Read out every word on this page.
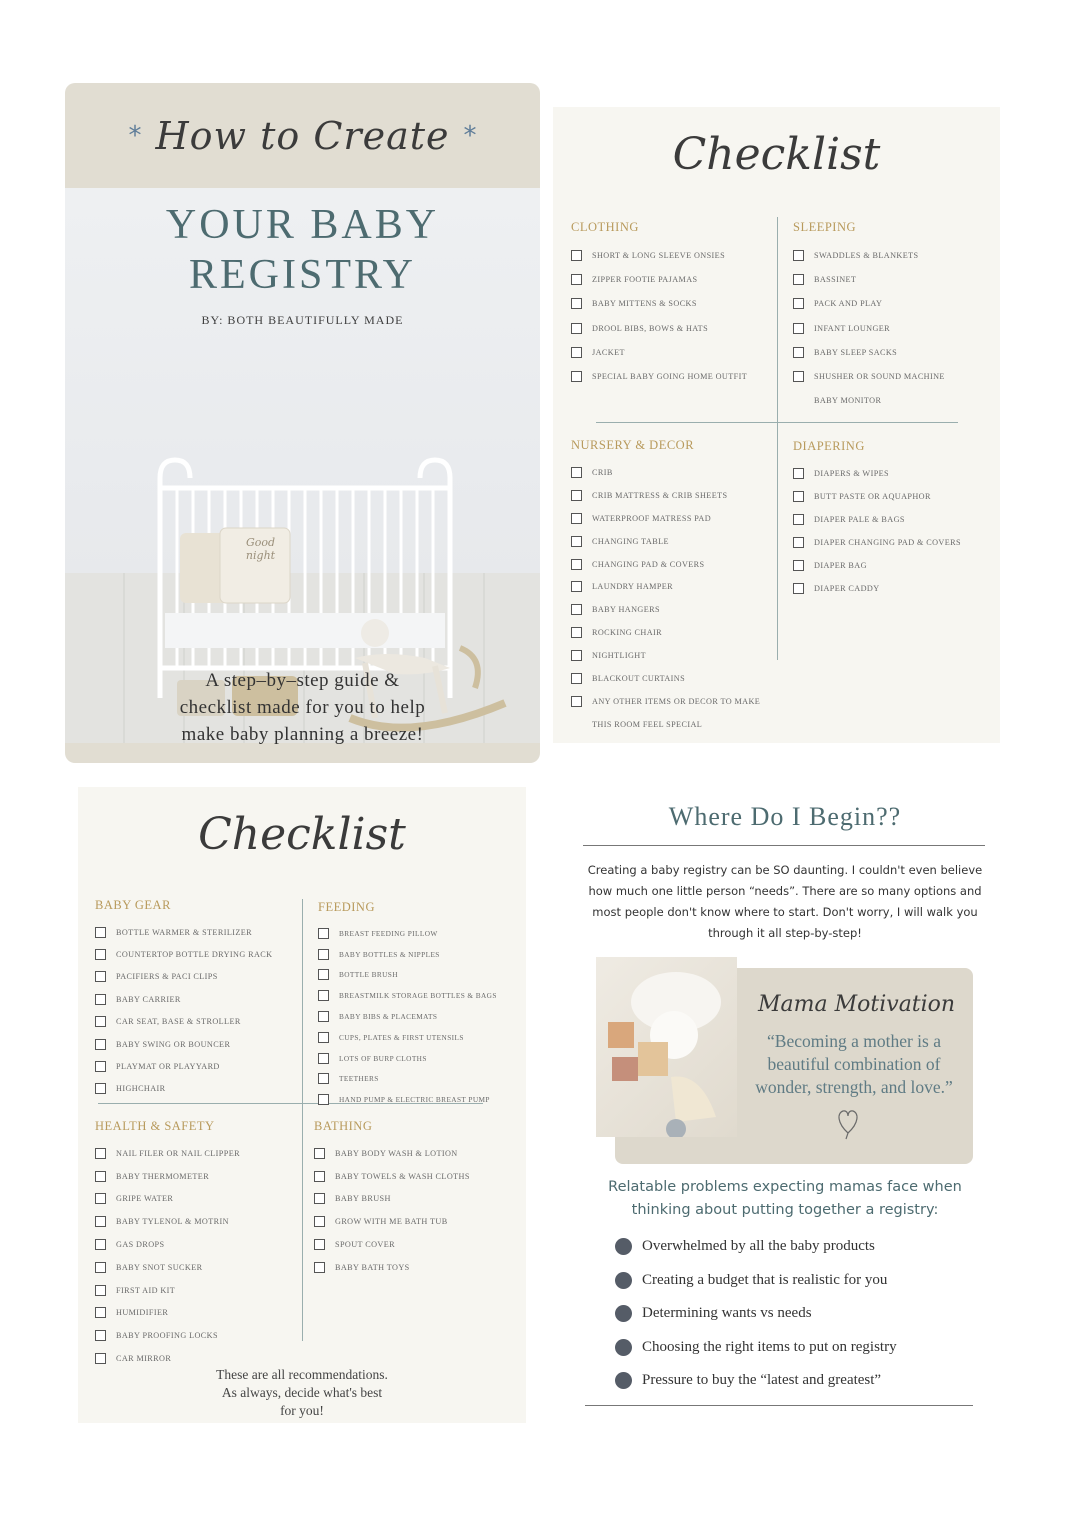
* How to Create *
YOUR BABY
REGISTRY
BY: BOTH BEAUTIFULLY MADE
Good night
A step–by–step guide &
checklist made for you to help
make baby planning a breeze!
Checklist
CLOTHING
SHORT & LONG SLEEVE ONSIES
ZIPPER FOOTIE PAJAMAS
BABY MITTENS & SOCKS
DROOL BIBS, BOWS & HATS
JACKET
SPECIAL BABY GOING HOME OUTFIT
SLEEPING
SWADDLES & BLANKETS
BASSINET
PACK AND PLAY
INFANT LOUNGER
BABY SLEEP SACKS
SHUSHER OR SOUND MACHINE
BABY MONITOR
NURSERY & DECOR
CRIB
CRIB MATTRESS & CRIB SHEETS
WATERPROOF MATRESS PAD
CHANGING TABLE
CHANGING PAD & COVERS
LAUNDRY HAMPER
BABY HANGERS
ROCKING CHAIR
NIGHTLIGHT
BLACKOUT CURTAINS
ANY OTHER ITEMS OR DECOR TO MAKE
THIS ROOM FEEL SPECIAL
DIAPERING
DIAPERS & WIPES
BUTT PASTE OR AQUAPHOR
DIAPER PALE & BAGS
DIAPER CHANGING PAD & COVERS
DIAPER BAG
DIAPER CADDY
Checklist
BABY GEAR
BOTTLE WARMER & STERILIZER
COUNTERTOP BOTTLE DRYING RACK
PACIFIERS & PACI CLIPS
BABY CARRIER
CAR SEAT, BASE & STROLLER
BABY SWING OR BOUNCER
PLAYMAT OR PLAYYARD
HIGHCHAIR
FEEDING
BREAST FEEDING PILLOW
BABY BOTTLES & NIPPLES
BOTTLE BRUSH
BREASTMILK STORAGE BOTTLES & BAGS
BABY BIBS & PLACEMATS
CUPS, PLATES & FIRST UTENSILS
LOTS OF BURP CLOTHS
TEETHERS
HAND PUMP & ELECTRIC BREAST PUMP
HEALTH & SAFETY
NAIL FILER OR NAIL CLIPPER
BABY THERMOMETER
GRIPE WATER
BABY TYLENOL & MOTRIN
GAS DROPS
BABY SNOT SUCKER
FIRST AID KIT
HUMIDIFIER
BABY PROOFING LOCKS
CAR MIRROR
BATHING
BABY BODY WASH & LOTION
BABY TOWELS & WASH CLOTHS
BABY BRUSH
GROW WITH ME BATH TUB
SPOUT COVER
BABY BATH TOYS
These are all recommendations.
As always, decide what's best
for you!
Where Do I Begin??
Creating a baby registry can be SO daunting. I couldn't even believe how much one little person “needs”. There are so many options and most people don't know where to start. Don't worry, I will walk you through it all step-by-step!
Mama Motivation
“Becoming a mother is a beautiful combination of wonder, strength, and love.”
Relatable problems expecting mamas face when thinking about putting together a registry:
Overwhelmed by all the baby products
Creating a budget that is realistic for you
Determining wants vs needs
Choosing the right items to put on registry
Pressure to buy the “latest and greatest”
